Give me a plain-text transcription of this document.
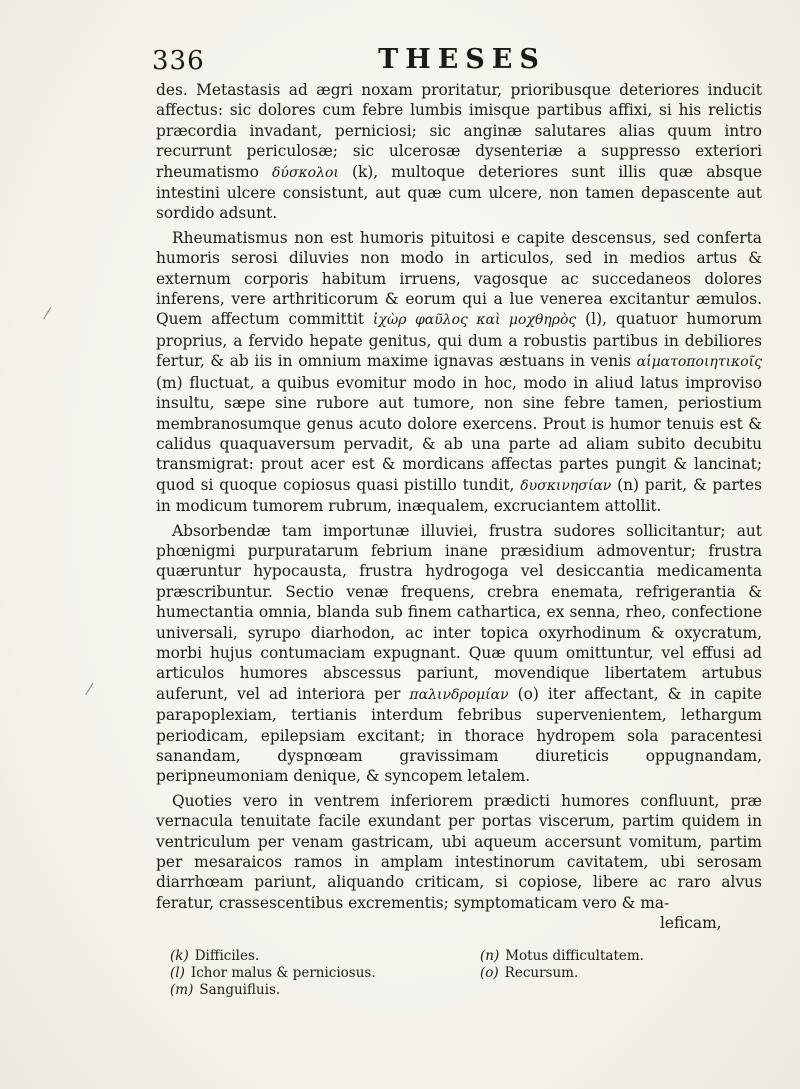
336	THESES

des. Metastasis ad ægri noxam proritatur, prioribusque deteriores inducit affectus: sic dolores cum febre lumbis imisque partibus affixi, si his relictis præcordia invadant, perniciosi; sic anginæ salutares alias quum intro recurrunt periculosæ; sic ulcerosæ dysenteriæ a suppresso exteriori rheumatismo δύσκολοι (k), multoque deteriores sunt illis quæ absque intestini ulcere consistunt, aut quæ cum ulcere, non tamen depascente aut sordido adsunt.

Rheumatismus non est humoris pituitosi e capite descensus, sed conferta humoris serosi diluvies non modo in articulos, sed in medios artus & externum corporis habitum irruens, vagosque ac succedaneos dolores inferens, vere arthriticorum & eorum qui a lue venerea excitantur æmulos. Quem affectum committit ἰχὼρ φαῦλος καὶ μοχθηρὸς (l), quatuor humorum proprius, a fervido hepate genitus, qui dum a robustis partibus in debiliores fertur, & ab iis in omnium maxime ignavas æstuans in venis αἱματοποιητικοῖς (m) fluctuat, a quibus evomitur modo in hoc, modo in aliud latus improviso insultu, sæpe sine rubore aut tumore, non sine febre tamen, periostium membranosumque genus acuto dolore exercens. Prout is humor tenuis est & calidus quaquaversum pervadit, & ab una parte ad aliam subito decubitu transmigrat: prout acer est & mordicans affectas partes pungit & lancinat; quod si quoque copiosus quasi pistillo tundit, δυσκινησίαν (n) parit, & partes in modicum tumorem rubrum, inæqualem, excruciantem attollit.

Absorbendæ tam importunæ illuviei, frustra sudores sollicitantur; aut phœnigmi purpuratarum febrium inane præsidium admoventur; frustra quæruntur hypocausta, frustra hydrogoga vel desiccantia medicamenta præscribuntur. Sectio venæ frequens, crebra enemata, refrigerantia & humectantia omnia, blanda sub finem cathartica, ex senna, rheo, confectione universali, syrupo diarhodon, ac inter topica oxyrhodinum & oxycratum, morbi hujus contumaciam expugnant. Quæ quum omittuntur, vel effusi ad articulos humores abscessus pariunt, movendique libertatem artubus auferunt, vel ad interiora per παλινδρομίαν (o) iter affectant, & in capite parapoplexiam, tertianis interdum febribus supervenientem, lethargum periodicam, epilepsiam excitant; in thorace hydropem sola paracentesi sanandam, dyspnœam gravissimam diureticis oppugnandam, peripneumoniam denique, & syncopem letalem.

Quoties vero in ventrem inferiorem prædicti humores confluunt, præ vernacula tenuitate facile exundant per portas viscerum, partim quidem in ventriculum per venam gastricam, ubi aqueum accersunt vomitum, partim per mesaraicos ramos in amplam intestinorum cavitatem, ubi serosam diarrhœam pariunt, aliquando criticam, si copiose, libere ac raro alvus feratur, crassescentibus excrementis; symptomaticam vero & ma-

leficam,
(k) Difficiles.
(l) Ichor malus & perniciosus.
(m) Sanguifluis.
(n) Motus difficultatem.
(o) Recursum.
⁄
⁄
